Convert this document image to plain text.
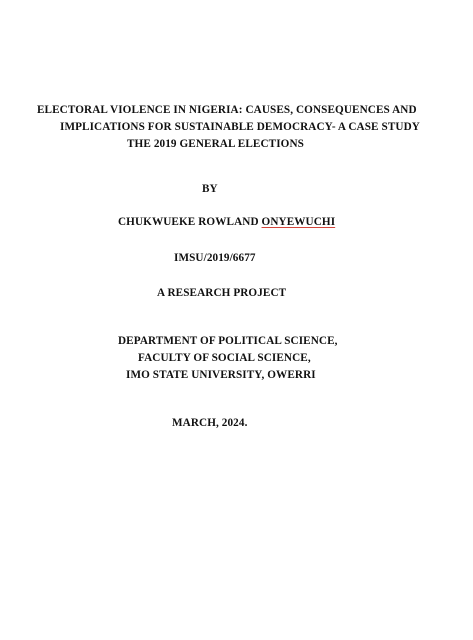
ELECTORAL VIOLENCE IN NIGERIA: CAUSES, CONSEQUENCES AND
IMPLICATIONS FOR SUSTAINABLE DEMOCRACY- A CASE STUDY
THE 2019 GENERAL ELECTIONS
BY
CHUKWUEKE ROWLAND ONYEWUCHI
IMSU/2019/6677
A RESEARCH PROJECT
DEPARTMENT OF POLITICAL SCIENCE,
FACULTY OF SOCIAL SCIENCE,
IMO STATE UNIVERSITY, OWERRI
MARCH, 2024.
